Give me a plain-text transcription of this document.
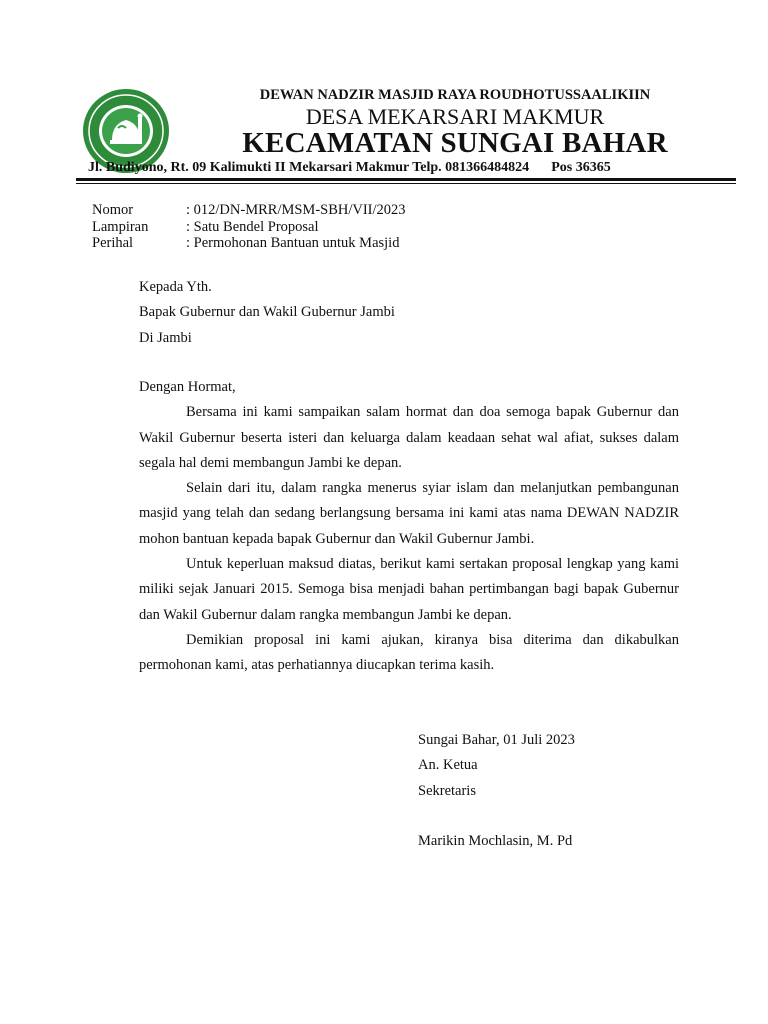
DEWAN NADZIR MASJID RAYA ROUDHOTUSSAALIKIIN
DESA MEKARSARI MAKMUR
KECAMATAN SUNGAI BAHAR
Jl. Budiyono, Rt. 09 Kalimukti II Mekarsari Makmur Telp. 081366484824 Pos 36365
Nomor	: 012/DN-MRR/MSM-SBH/VII/2023
Lampiran	: Satu Bendel Proposal
Perihal	: Permohonan Bantuan untuk Masjid
Kepada Yth.
Bapak Gubernur dan Wakil Gubernur Jambi
Di Jambi
Dengan Hormat,

Bersama ini kami sampaikan salam hormat dan doa semoga bapak Gubernur dan Wakil Gubernur beserta isteri dan keluarga dalam keadaan sehat wal afiat, sukses dalam segala hal demi membangun Jambi ke depan.

Selain dari itu, dalam rangka menerus syiar islam dan melanjutkan pembangunan masjid yang telah dan sedang berlangsung bersama ini kami atas nama DEWAN NADZIR mohon bantuan kepada bapak Gubernur dan Wakil Gubernur Jambi.

Untuk keperluan maksud diatas, berikut kami sertakan proposal lengkap yang kami miliki sejak Januari 2015. Semoga bisa menjadi bahan pertimbangan bagi bapak Gubernur dan Wakil Gubernur dalam rangka membangun Jambi ke depan.

Demikian proposal ini kami ajukan, kiranya bisa diterima dan dikabulkan permohonan kami, atas perhatiannya diucapkan terima kasih.

Sungai Bahar, 01 Juli 2023
An. Ketua
Sekretaris
Marikin Mochlasin, M. Pd
